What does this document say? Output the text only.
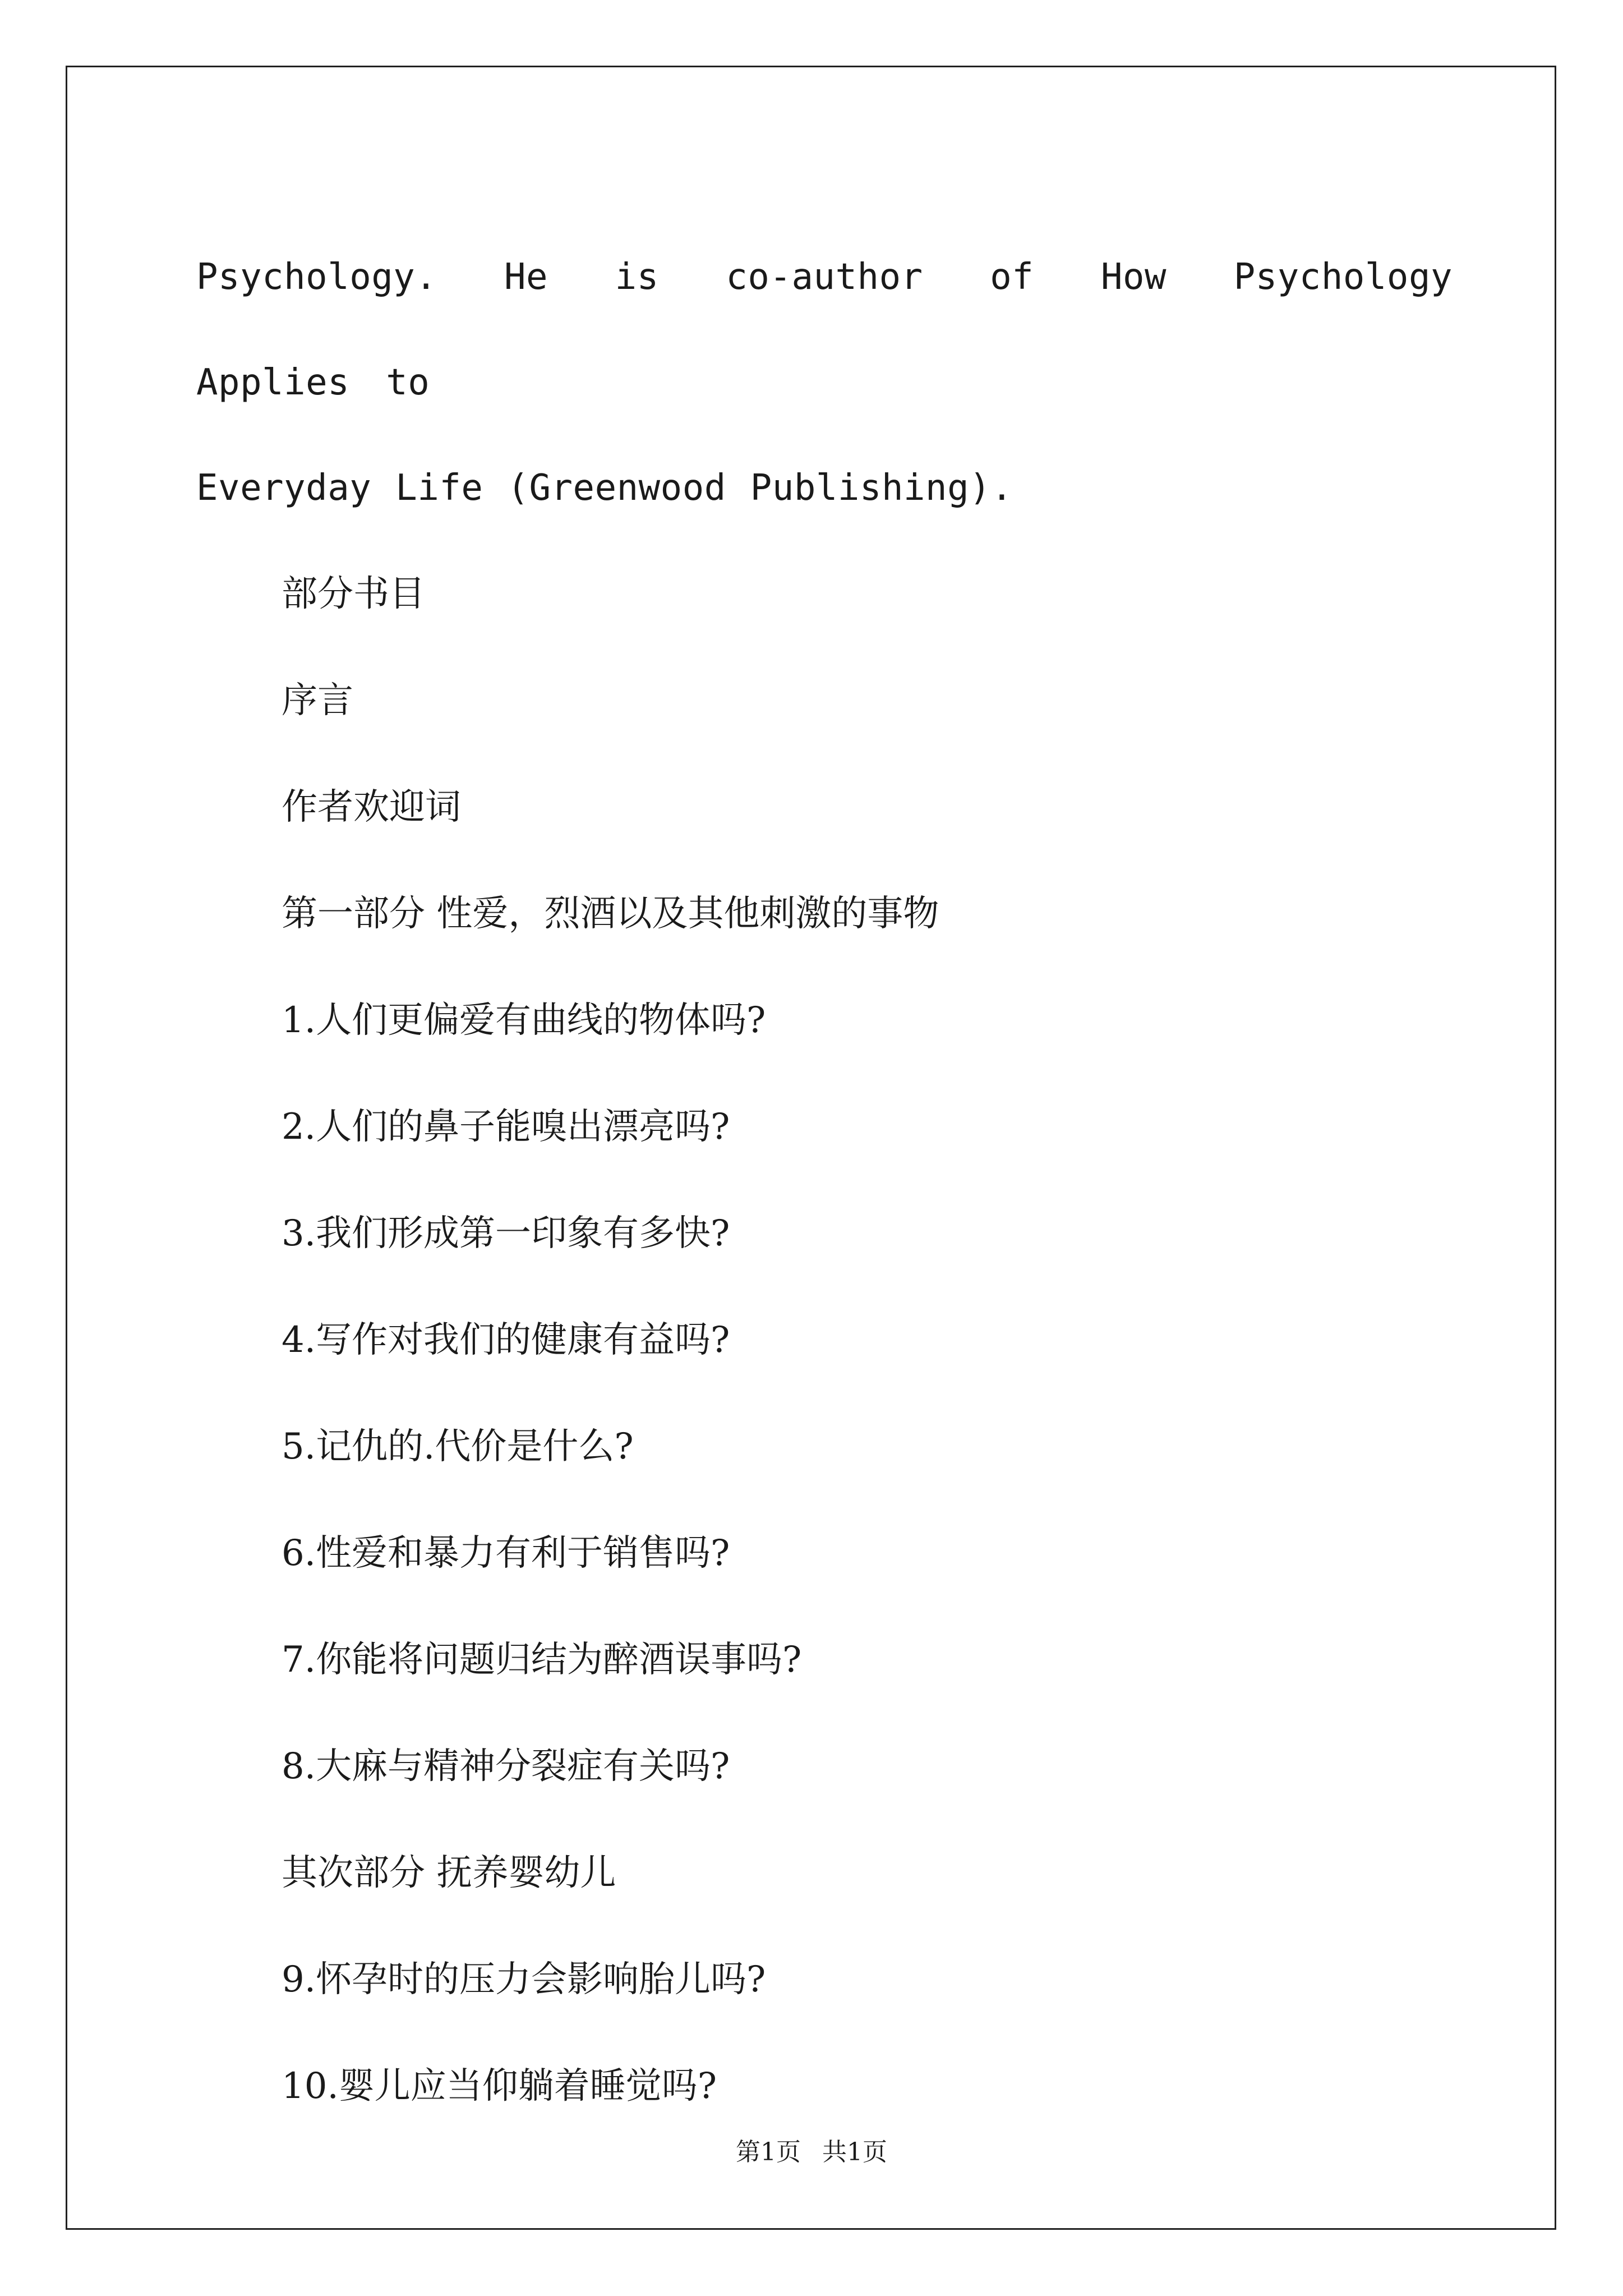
Psychology. He is co-author of How Psychology Applies to
Everyday Life (Greenwood Publishing).

部分书目

序言

作者欢迎词

第一部分 性爱，烈酒以及其他刺激的事物

1.人们更偏爱有曲线的物体吗?

2.人们的鼻子能嗅出漂亮吗?

3.我们形成第一印象有多快?

4.写作对我们的健康有益吗?

5.记仇的.代价是什么?

6.性爱和暴力有利于销售吗?

7.你能将问题归结为醉酒误事吗?

8.大麻与精神分裂症有关吗?

其次部分 抚养婴幼儿

9.怀孕时的压力会影响胎儿吗?

10.婴儿应当仰躺着睡觉吗?

第1页 共1页
